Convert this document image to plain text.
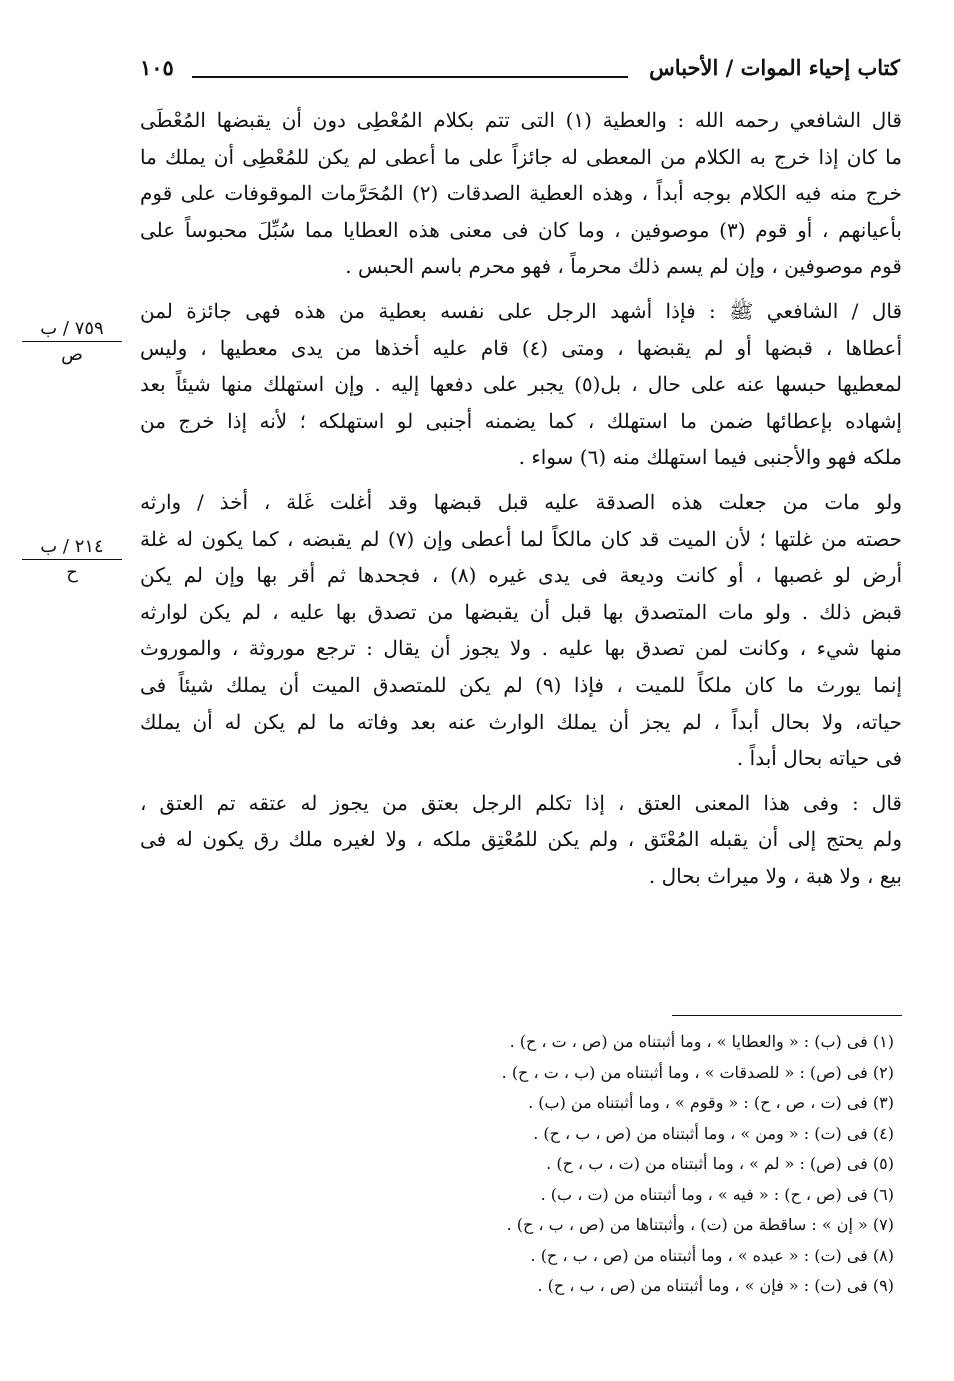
كتاب إحياء الموات / الأحباس
١٠٥
٧٥٩ / ب
ص
٢١٤ / ب
ح
قال الشافعي رحمه الله : والعطية (١) التى تتم بكلام المُعْطِى دون أن يقبضها المُعْطَى
ما كان إذا خرج به الكلام من المعطى له جائزاً على ما أعطى لم يكن للمُعْطِى أن يملك ما
خرج منه فيه الكلام بوجه أبداً ، وهذه العطية الصدقات (٢) المُحَرَّمات الموقوفات على قوم
بأعيانهم ، أو قوم (٣) موصوفين ، وما كان فى معنى هذه العطايا مما سُبِّلَ محبوساً على
قوم موصوفين ، وإن لم يسم ذلك محرماً ، فهو محرم باسم الحبس .
قال / الشافعي ﷺ : فإذا أشهد الرجل على نفسه بعطية من هذه فهى جائزة لمن
أعطاها ، قبضها أو لم يقبضها ، ومتى (٤) قام عليه أخذها من يدى معطيها ، وليس
لمعطيها حبسها عنه على حال ، بل(٥) يجبر على دفعها إليه . وإن استهلك منها شيئاً بعد
إشهاده بإعطائها ضمن ما استهلك ، كما يضمنه أجنبى لو استهلكه ؛ لأنه إذا خرج من
ملكه فهو والأجنبى فيما استهلك منه (٦) سواء .
ولو مات من جعلت هذه الصدقة عليه قبل قبضها وقد أغلت غَلة ، أخذ / وارثه
حصته من غلتها ؛ لأن الميت قد كان مالكاً لما أعطى وإن (٧) لم يقبضه ، كما يكون له غلة
أرض لو غصبها ، أو كانت وديعة فى يدى غيره (٨) ، فجحدها ثم أقر بها وإن لم يكن
قبض ذلك . ولو مات المتصدق بها قبل أن يقبضها من تصدق بها عليه ، لم يكن لوارثه
منها شيء ، وكانت لمن تصدق بها عليه . ولا يجوز أن يقال : ترجع موروثة ، والموروث
إنما يورث ما كان ملكاً للميت ، فإذا (٩) لم يكن للمتصدق الميت أن يملك شيئاً فى
حياته، ولا بحال أبداً ، لم يجز أن يملك الوارث عنه بعد وفاته ما لم يكن له أن يملك
فى حياته بحال أبداً .
قال : وفى هذا المعنى العتق ، إذا تكلم الرجل بعتق من يجوز له عتقه تم العتق ،
ولم يحتج إلى أن يقبله المُعْتَق ، ولم يكن للمُعْتِق ملكه ، ولا لغيره ملك رق يكون له فى
بيع ، ولا هبة ، ولا ميراث بحال .
(١) فى (ب) : « والعطايا » ، وما أثبتناه من (ص ، ت ، ح) .
(٢) فى (ص) : « للصدقات » ، وما أثبتناه من (ب ، ت ، ح) .
(٣) فى (ت ، ص ، ح) : « وقوم » ، وما أثبتناه من (ب) .
(٤) فى (ت) : « ومن » ، وما أثبتناه من (ص ، ب ، ح) .
(٥) فى (ص) : « لم » ، وما أثبتناه من (ت ، ب ، ح) .
(٦) فى (ص ، ح) : « فيه » ، وما أثبتناه من (ت ، ب) .
(٧) « إن » : ساقطة من (ت) ، وأثبتناها من (ص ، ب ، ح) .
(٨) فى (ت) : « عبده » ، وما أثبتناه من (ص ، ب ، ح) .
(٩) فى (ت) : « فإن » ، وما أثبتناه من (ص ، ب ، ح) .
